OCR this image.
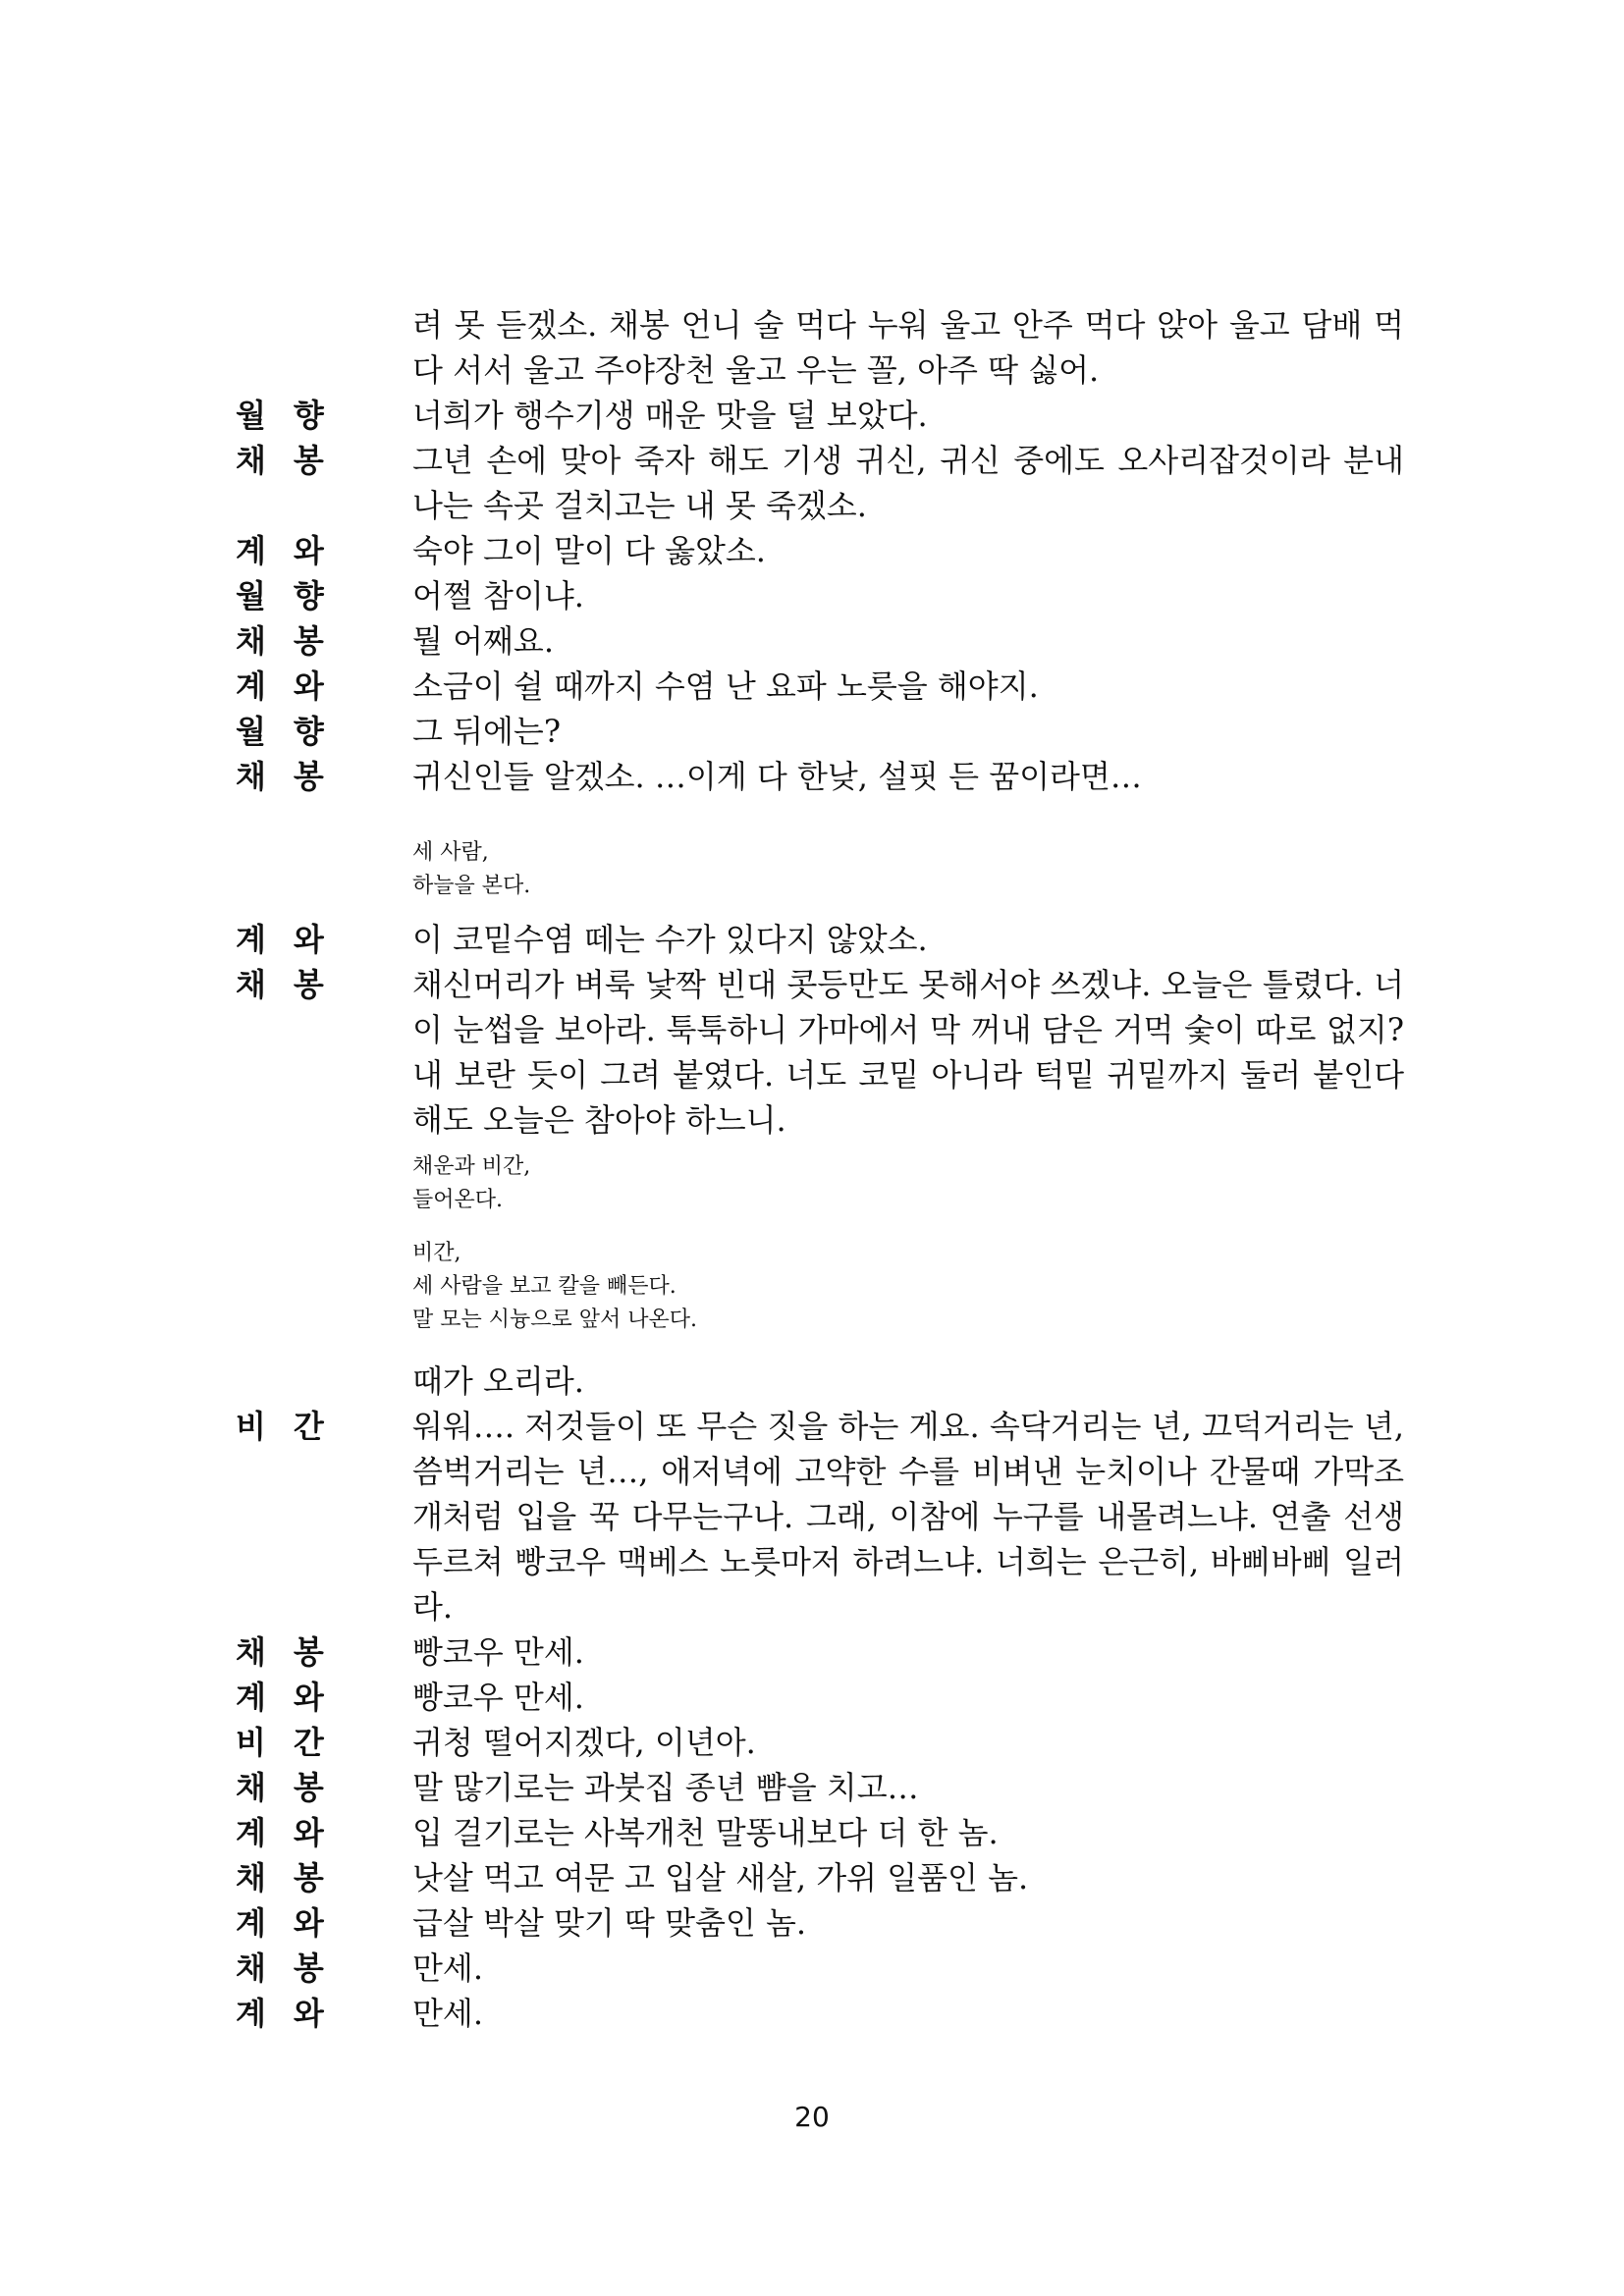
려 못 듣겠소. 채봉 언니 술 먹다 누워 울고 안주 먹다 앉아 울고 담배 먹다 서서 울고 주야장천 울고 우는 꼴, 아주 딱 싫어.
월향 너희가 행수기생 매운 맛을 덜 보았다.
채봉 그년 손에 맞아 죽자 해도 기생 귀신, 귀신 중에도 오사리잡것이라 분내 나는 속곳 걸치고는 내 못 죽겠소.
계와 숙야 그이 말이 다 옳았소.
월향 어쩔 참이냐.
채봉 뭘 어째요.
계와 소금이 쉴 때까지 수염 난 요파 노릇을 해야지.
월향 그 뒤에는?
채봉 귀신인들 알겠소. …이게 다 한낮, 설핏 든 꿈이라면…
세 사람,
하늘을 본다.
계와 이 코밑수염 떼는 수가 있다지 않았소.
채봉 채신머리가 벼룩 낯짝 빈대 콧등만도 못해서야 쓰겠냐. 오늘은 틀렸다. 너 이 눈썹을 보아라. 툭툭하니 가마에서 막 꺼내 담은 거먹 숯이 따로 없지? 내 보란 듯이 그려 붙였다. 너도 코밑 아니라 턱밑 귀밑까지 둘러 붙인다 해도 오늘은 참아야 하느니.
채운과 비간,
들어온다.
비간,
세 사람을 보고 칼을 빼든다.
말 모는 시늉으로 앞서 나온다.
때가 오리라.
비간 워워…. 저것들이 또 무슨 짓을 하는 게요. 속닥거리는 년, 끄덕거리는 년, 씀벅거리는 년…, 애저녁에 고약한 수를 비벼낸 눈치이나 간물때 가막조개처럼 입을 꾹 다무는구나. 그래, 이참에 누구를 내몰려느냐. 연출 선생 두르쳐 빵코우 맥베스 노릇마저 하려느냐. 너희는 은근히, 바삐바삐 일러라.
채봉 빵코우 만세.
계와 빵코우 만세.
비간 귀청 떨어지겠다, 이년아.
채봉 말 많기로는 과붓집 종년 뺨을 치고…
계와 입 걸기로는 사복개천 말똥내보다 더 한 놈.
채봉 낫살 먹고 여문 고 입살 새살, 가위 일품인 놈.
계와 급살 박살 맞기 딱 맞춤인 놈.
채봉 만세.
계와 만세.
20
